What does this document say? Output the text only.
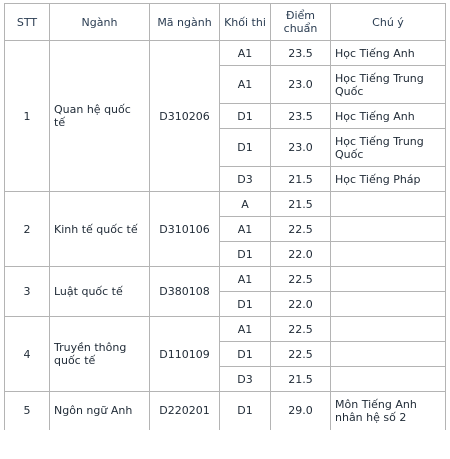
STT	Ngành	Mã ngành	Khối thi	Điểm chuẩn	Chú ý
1	Quan hệ quốc tế	D310206	A1	23.5	Học Tiếng Anh
			A1	23.0	Học Tiếng Trung Quốc
			D1	23.5	Học Tiếng Anh
			D1	23.0	Học Tiếng Trung Quốc
			D3	21.5	Học Tiếng Pháp
2	Kinh tế quốc tế	D310106	A	21.5	
			A1	22.5	
			D1	22.0	
3	Luật quốc tế	D380108	A1	22.5	
			D1	22.0	
4	Truyền thông quốc tế	D110109	A1	22.5	
			D1	22.5	
			D3	21.5	
5	Ngôn ngữ Anh	D220201	D1	29.0	Môn Tiếng Anh nhân hệ số 2
